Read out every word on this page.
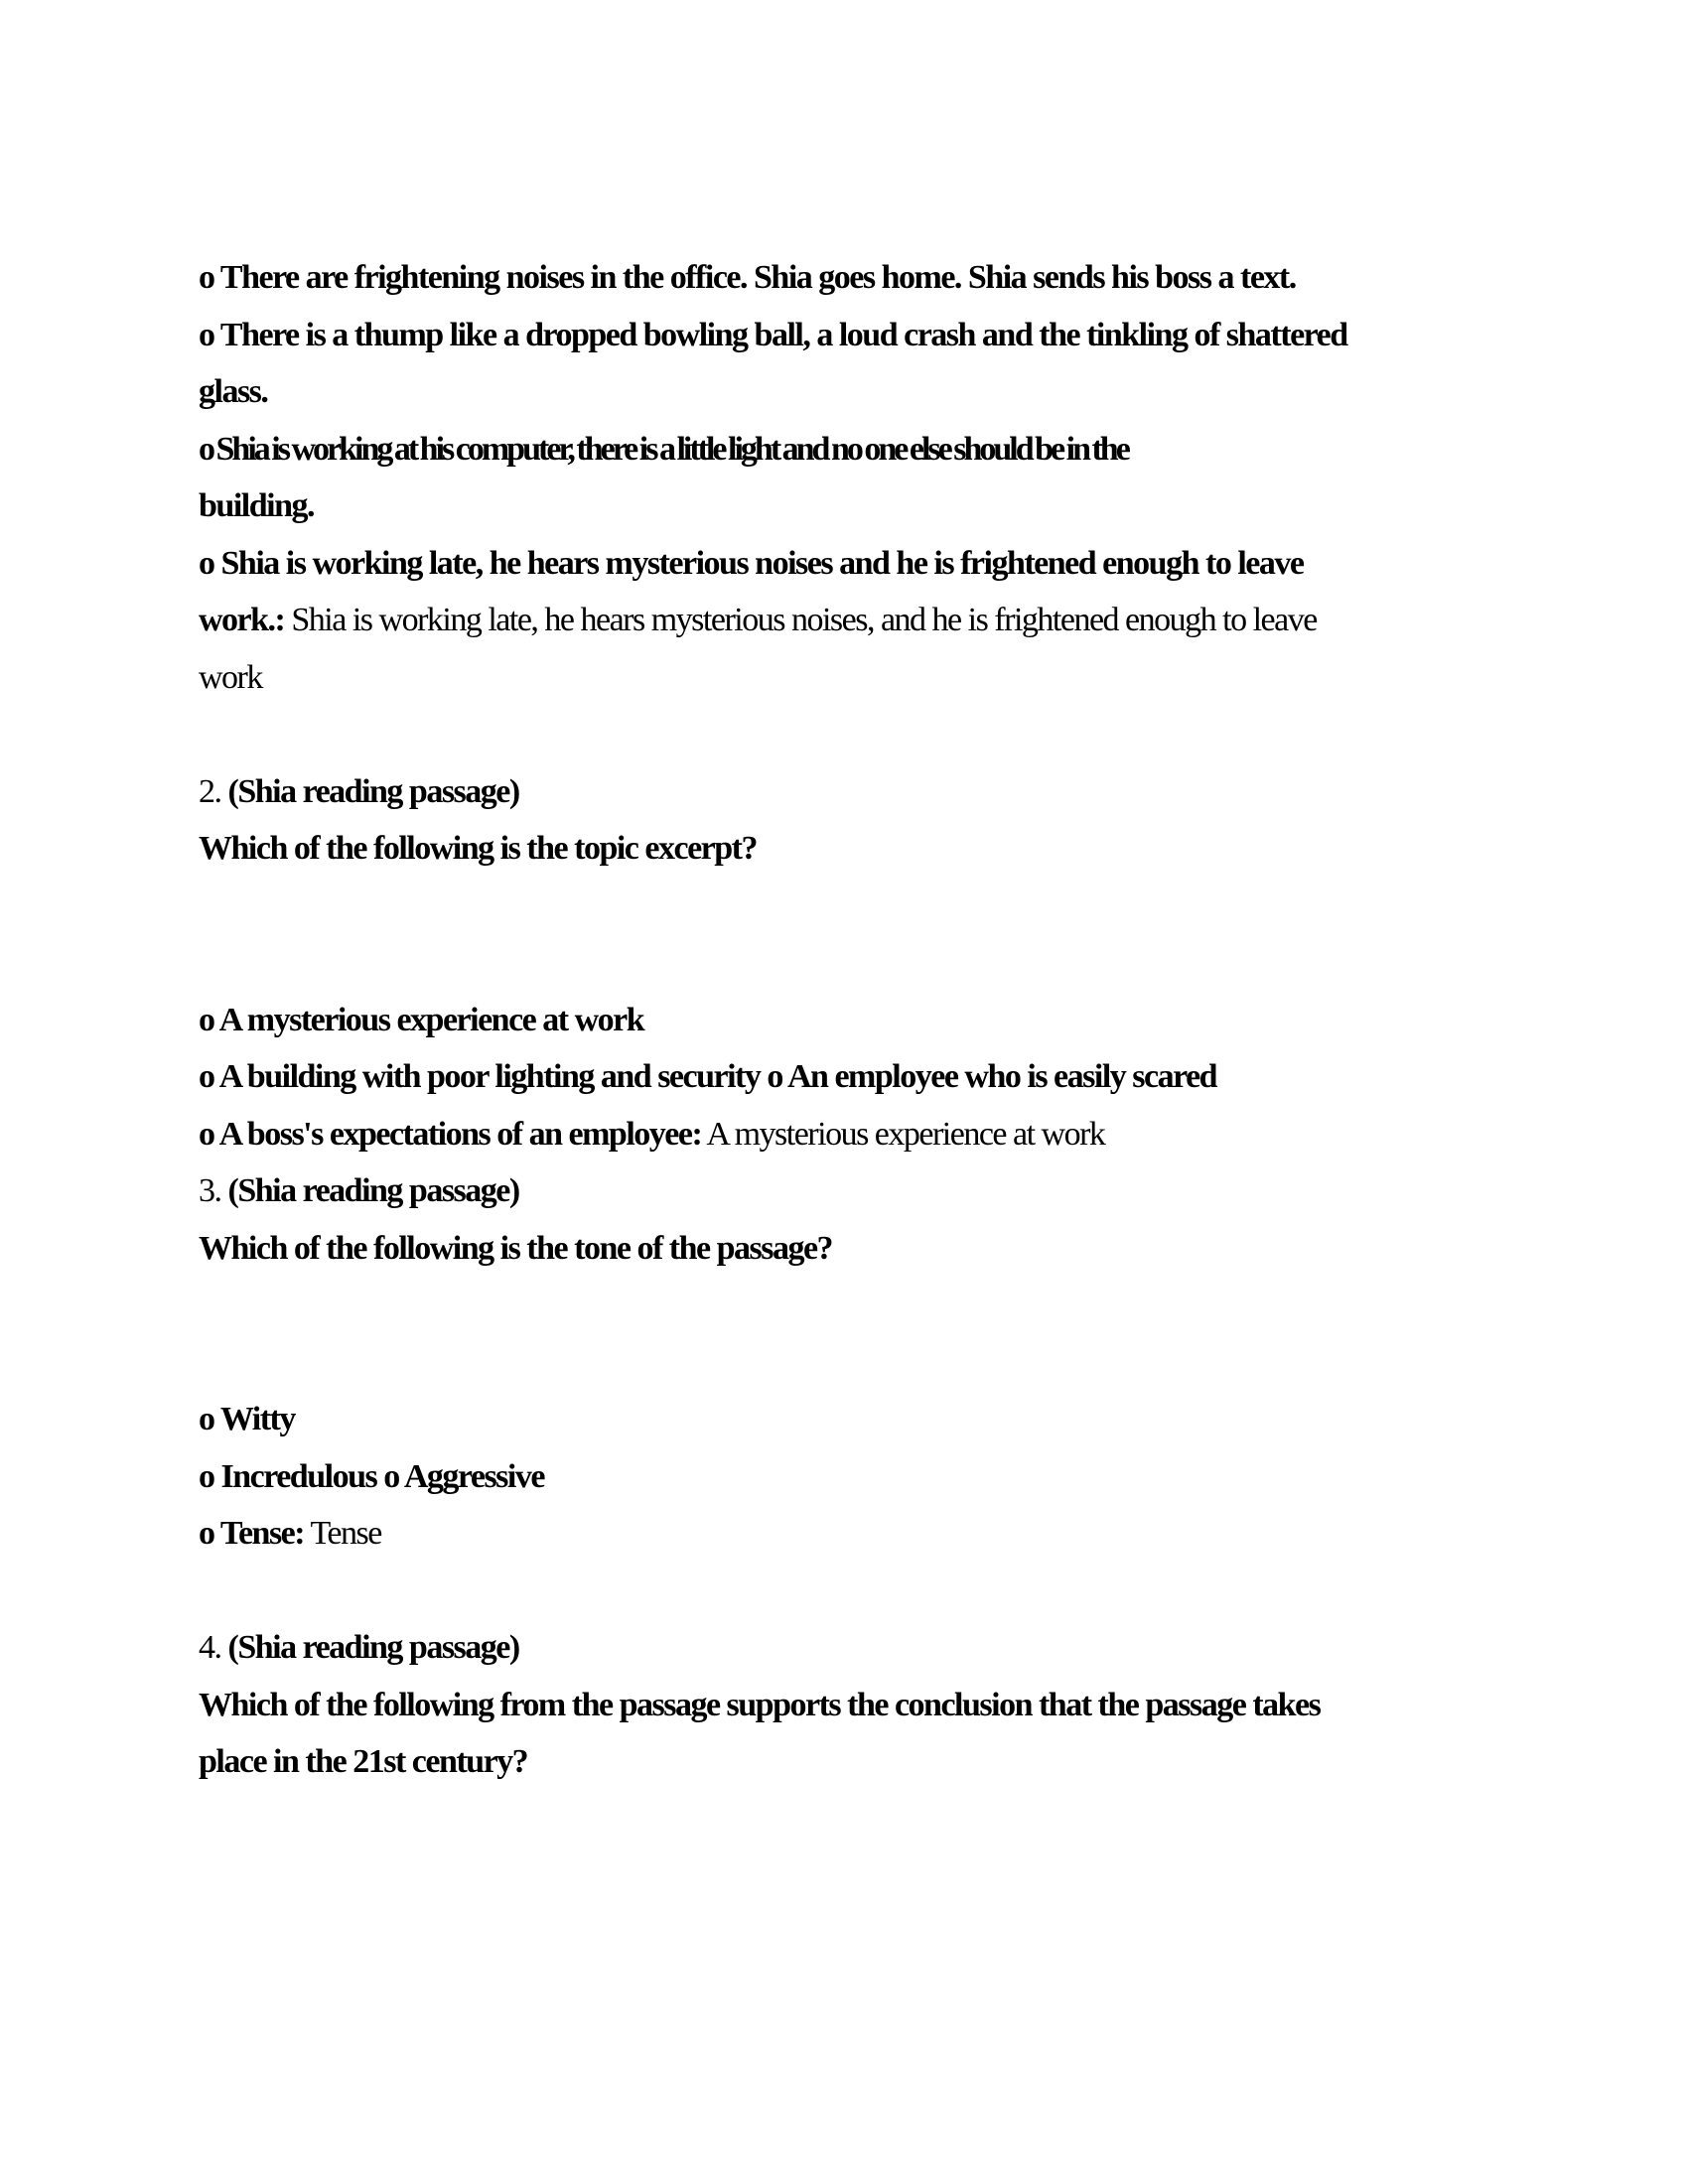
o There are frightening noises in the office. Shia goes home. Shia sends his boss a text.
o There is a thump like a dropped bowling ball, a loud crash and the tinkling of shattered
glass.
o Shia is working at his computer, there is a little light and no one else should be in the
building.
o Shia is working late, he hears mysterious noises and he is frightened enough to leave
work.: Shia is working late, he hears mysterious noises, and he is frightened enough to leave
work
2. (Shia reading passage)
Which of the following is the topic excerpt?
o A mysterious experience at work
o A building with poor lighting and security o An employee who is easily scared
o A boss's expectations of an employee: A mysterious experience at work
3. (Shia reading passage)
Which of the following is the tone of the passage?
o Witty
o Incredulous o Aggressive
o Tense: Tense
4. (Shia reading passage)
Which of the following from the passage supports the conclusion that the passage takes
place in the 21st century?
